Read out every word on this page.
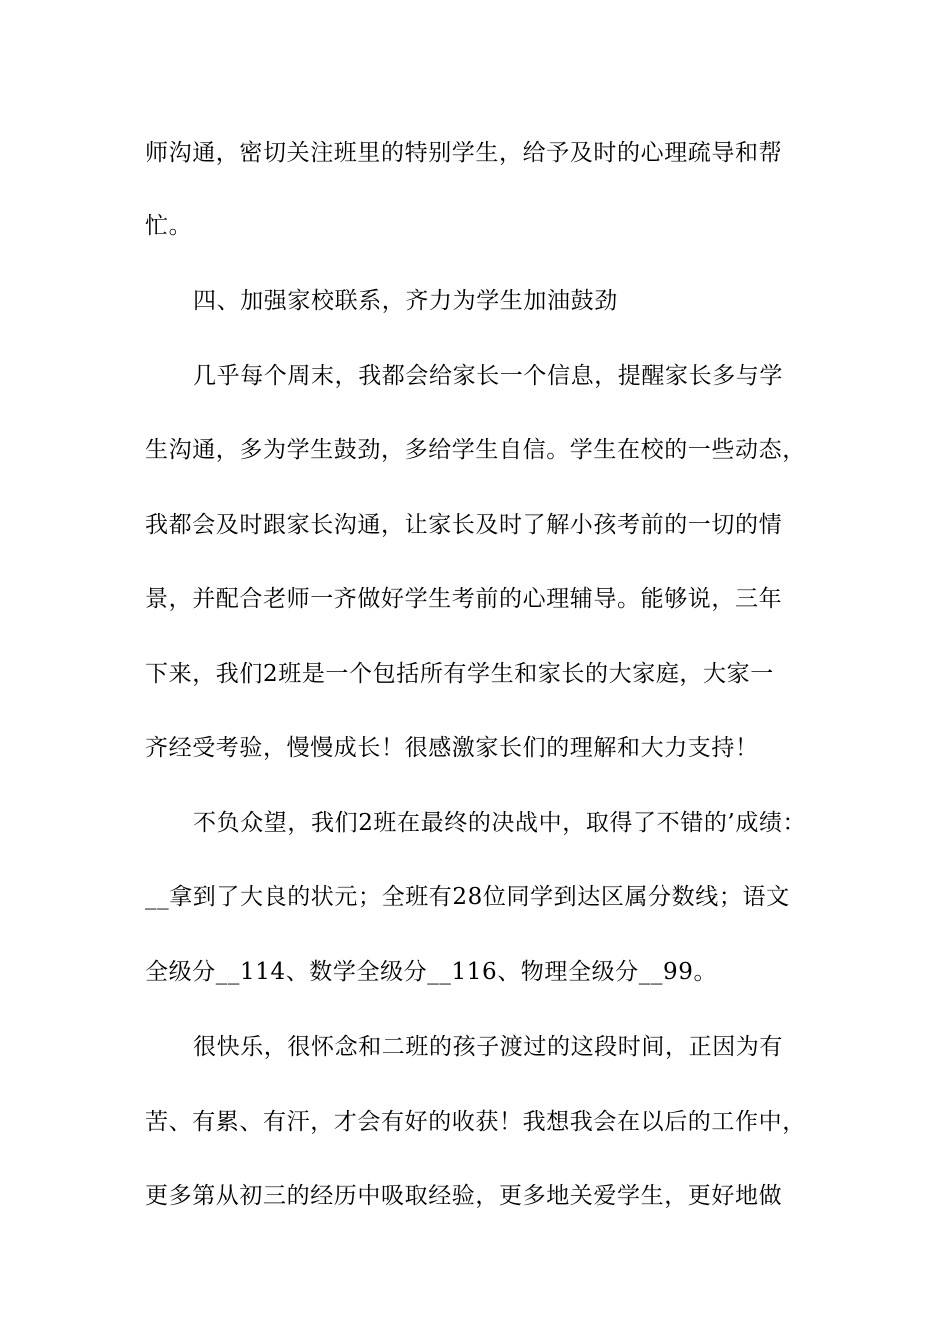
师沟通，密切关注班里的特别学生，给予及时的心理疏导和帮
忙。
四、加强家校联系，齐力为学生加油鼓劲
几乎每个周末，我都会给家长一个信息，提醒家长多与学
生沟通，多为学生鼓劲，多给学生自信。学生在校的一些动态，
我都会及时跟家长沟通，让家长及时了解小孩考前的一切的情
景，并配合老师一齐做好学生考前的心理辅导。能够说，三年
下来，我们2班是一个包括所有学生和家长的大家庭，大家一
齐经受考验，慢慢成长！很感激家长们的理解和大力支持！
不负众望，我们2班在最终的决战中，取得了不错的’成绩：
__拿到了大良的状元；全班有28位同学到达区属分数线；语文
全级分__114、数学全级分__116、物理全级分__99。
很快乐，很怀念和二班的孩子渡过的这段时间，正因为有
苦、有累、有汗，才会有好的收获！我想我会在以后的工作中，
更多第从初三的经历中吸取经验，更多地关爱学生，更好地做
